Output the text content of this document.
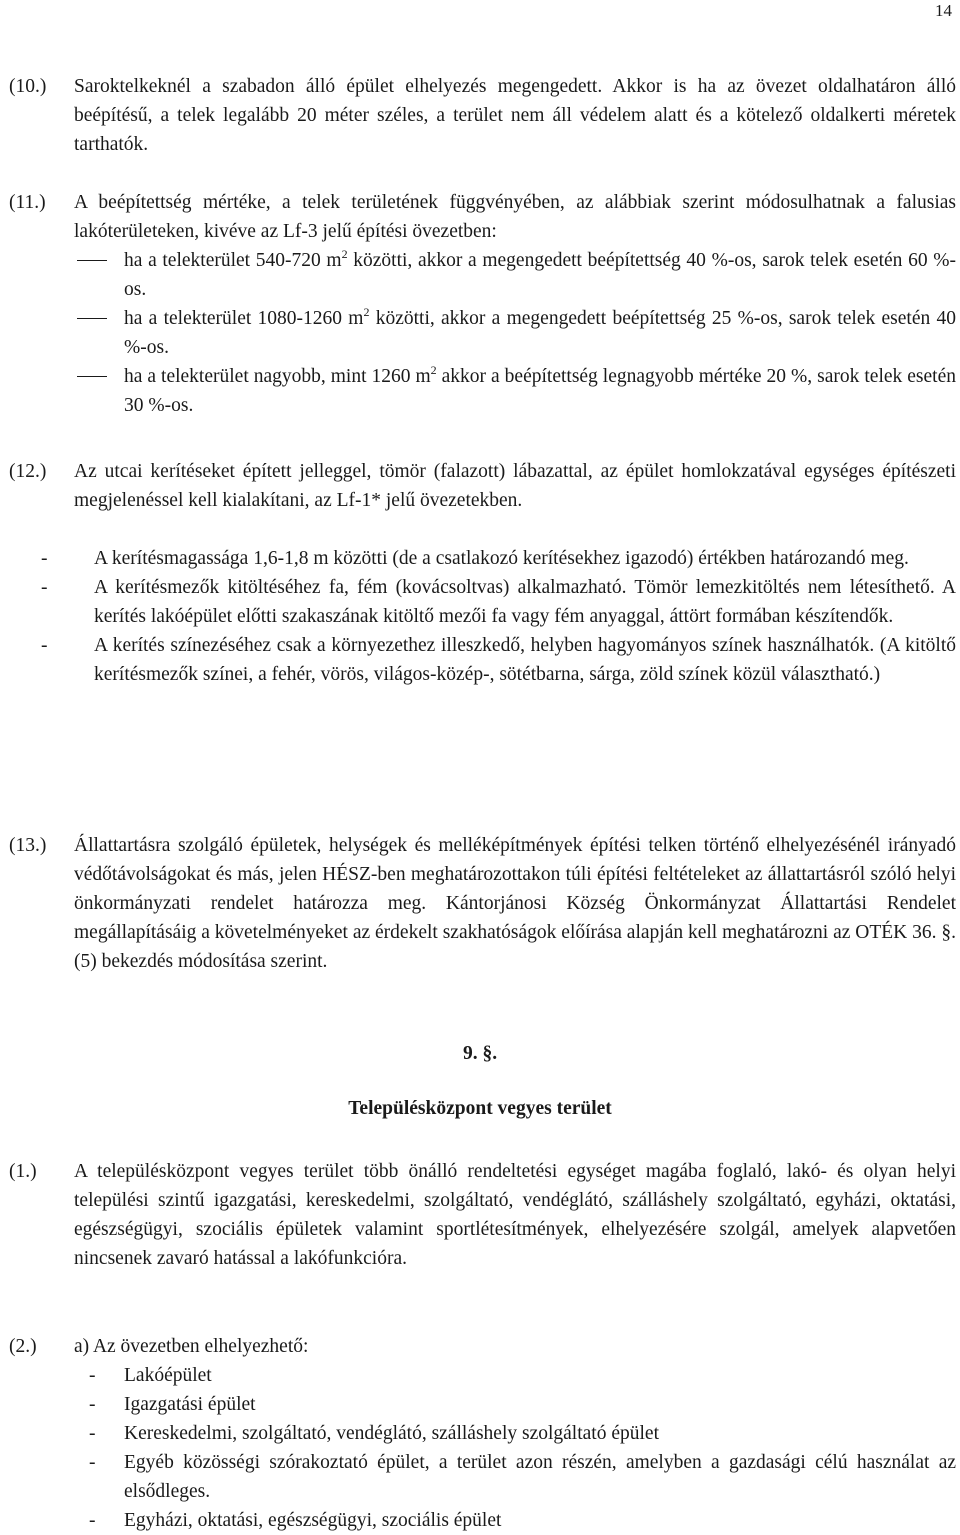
14
(10.) Saroktelkeknél a szabadon álló épület elhelyezés megengedett. Akkor is ha az övezet oldalhatáron álló beépítésű, a telek legalább 20 méter széles, a terület nem áll védelem alatt és a kötelező oldalkerti méretek tarthatók.
(11.) A beépítettség mértéke, a telek területének függvényében, az alábbiak szerint módosulhatnak a falusias lakóterületeken, kivéve az Lf-3 jelű építési övezetben:
ha a telekterület 540-720 $m^2$ közötti, akkor a megengedett beépítettség 40 %-os, sarok telek esetén 60 %-os.
ha a telekterület 1080-1260 $m^2$ közötti, akkor a megengedett beépítettség 25 %-os, sarok telek esetén 40 %-os.
ha a telekterület nagyobb, mint 1260 $m^2$ akkor a beépítettség legnagyobb mértéke 20 %, sarok telek esetén 30 %-os.
(12.) Az utcai kerítéseket épített jelleggel, tömör (falazott) lábazattal, az épület homlokzatával egységes építészeti megjelenéssel kell kialakítani, az Lf-1* jelű övezetekben.
- A kerítésmagassága 1,6-1,8 m közötti (de a csatlakozó kerítésekhez igazodó) értékben határozandó meg.
- A kerítésmezők kitöltéséhez fa, fém (kovácsoltvas) alkalmazható. Tömör lemezkitöltés nem létesíthető. A kerítés lakóépület előtti szakaszának kitöltő mezői fa vagy fém anyaggal, áttört formában készítendők.
- A kerítés színezéséhez csak a környezethez illeszkedő, helyben hagyományos színek használhatók. (A kitöltő kerítésmezők színei, a fehér, vörös, világos-közép-, sötétbarna, sárga, zöld színek közül választható.)
(13.) Állattartásra szolgáló épületek, helységek és melléképítmények építési telken történő elhelyezésénél irányadó védőtávolságokat és más, jelen HÉSZ-ben meghatározottakon túli építési feltételeket az állattartásról szóló helyi önkormányzati rendelet határozza meg. Kántorjánosi Község Önkormányzat Állattartási Rendelet megállapításáig a követelményeket az érdekelt szakhatóságok előírása alapján kell meghatározni az OTÉK 36. §. (5) bekezdés módosítása szerint.
9. §.
Településközpont vegyes terület
(1.) A településközpont vegyes terület több önálló rendeltetési egységet magába foglaló, lakó- és olyan helyi települési szintű igazgatási, kereskedelmi, szolgáltató, vendéglátó, szálláshely szolgáltató, egyházi, oktatási, egészségügyi, szociális épületek valamint sportlétesítmények, elhelyezésére szolgál, amelyek alapvetően nincsenek zavaró hatással a lakófunkcióra.
(2.) a) Az övezetben elhelyezhető:
- Lakóépület
- Igazgatási épület
- Kereskedelmi, szolgáltató, vendéglátó, szálláshely szolgáltató épület
- Egyéb közösségi szórakoztató épület, a terület azon részén, amelyben a gazdasági célú használat az elsődleges.
- Egyházi, oktatási, egészségügyi, szociális épület
